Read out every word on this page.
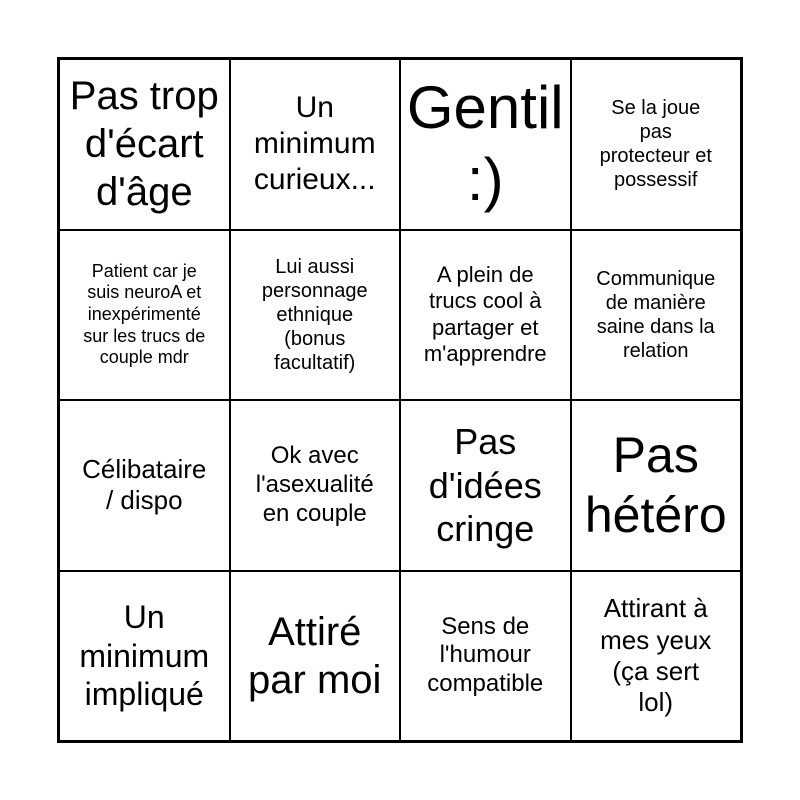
Pas trop
d'écart
d'âge
Un
minimum
curieux...
Gentil
:)
Se la joue
pas
protecteur et
possessif
Patient car je
suis neuroA et
inexpérimenté
sur les trucs de
couple mdr
Lui aussi
personnage
ethnique
(bonus
facultatif)
A plein de
trucs cool à
partager et
m'apprendre
Communique
de manière
saine dans la
relation
Célibataire
/ dispo
Ok avec
l'asexualité
en couple
Pas
d'idées
cringe
Pas
hétéro
Un
minimum
impliqué
Attiré
par moi
Sens de
l'humour
compatible
Attirant à
mes yeux
(ça sert
lol)
